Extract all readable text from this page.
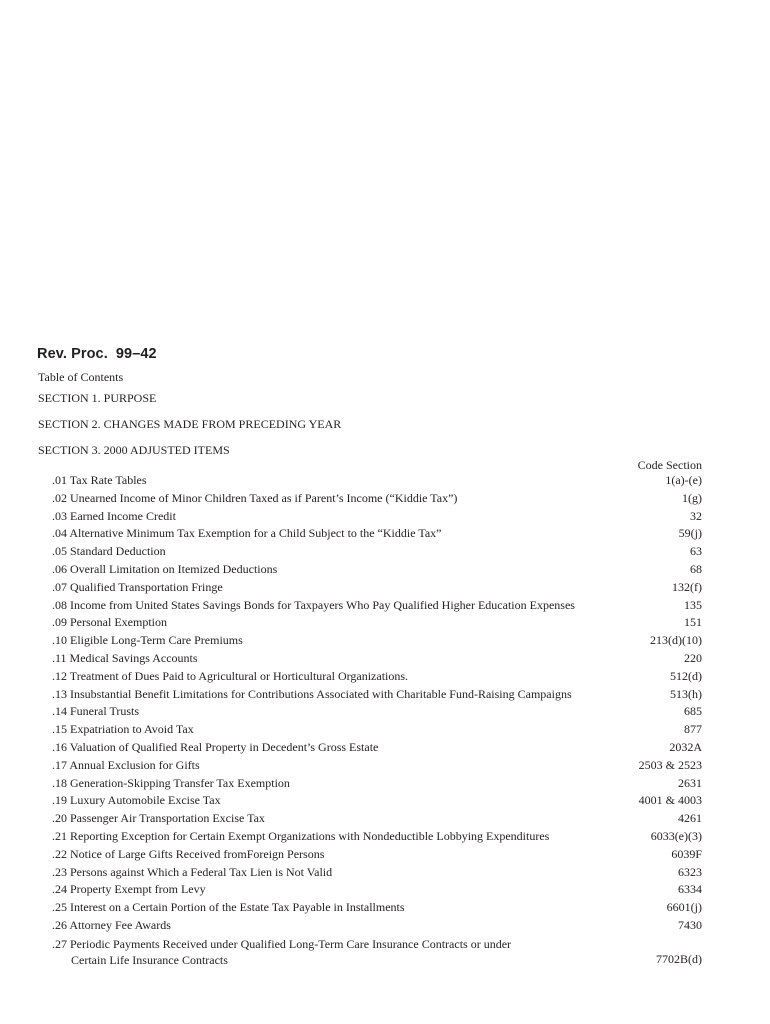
Rev. Proc. 99–42
Table of Contents
SECTION 1. PURPOSE
SECTION 2. CHANGES MADE FROM PRECEDING YEAR
SECTION 3. 2000 ADJUSTED ITEMS
Code Section
.01 Tax Rate Tables	1(a)-(e)
.02 Unearned Income of Minor Children Taxed as if Parent’s Income (“Kiddie Tax”)	1(g)
.03 Earned Income Credit	32
.04 Alternative Minimum Tax Exemption for a Child Subject to the “Kiddie Tax”	59(j)
.05 Standard Deduction	63
.06 Overall Limitation on Itemized Deductions	68
.07 Qualified Transportation Fringe	132(f)
.08 Income from United States Savings Bonds for Taxpayers Who Pay Qualified Higher Education Expenses	135
.09 Personal Exemption	151
.10 Eligible Long-Term Care Premiums	213(d)(10)
.11 Medical Savings Accounts	220
.12 Treatment of Dues Paid to Agricultural or Horticultural Organizations.	512(d)
.13 Insubstantial Benefit Limitations for Contributions Associated with Charitable Fund-Raising Campaigns	513(h)
.14 Funeral Trusts	685
.15 Expatriation to Avoid Tax	877
.16 Valuation of Qualified Real Property in Decedent’s Gross Estate	2032A
.17 Annual Exclusion for Gifts	2503 & 2523
.18 Generation-Skipping Transfer Tax Exemption	2631
.19 Luxury Automobile Excise Tax	4001 & 4003
.20 Passenger Air Transportation Excise Tax	4261
.21 Reporting Exception for Certain Exempt Organizations with Nondeductible Lobbying Expenditures	6033(e)(3)
.22 Notice of Large Gifts Received fromForeign Persons	6039F
.23 Persons against Which a Federal Tax Lien is Not Valid	6323
.24 Property Exempt from Levy	6334
.25 Interest on a Certain Portion of the Estate Tax Payable in Installments	6601(j)
.26 Attorney Fee Awards	7430
.27 Periodic Payments Received under Qualified Long-Term Care Insurance Contracts or under
Certain Life Insurance Contracts	7702B(d)
